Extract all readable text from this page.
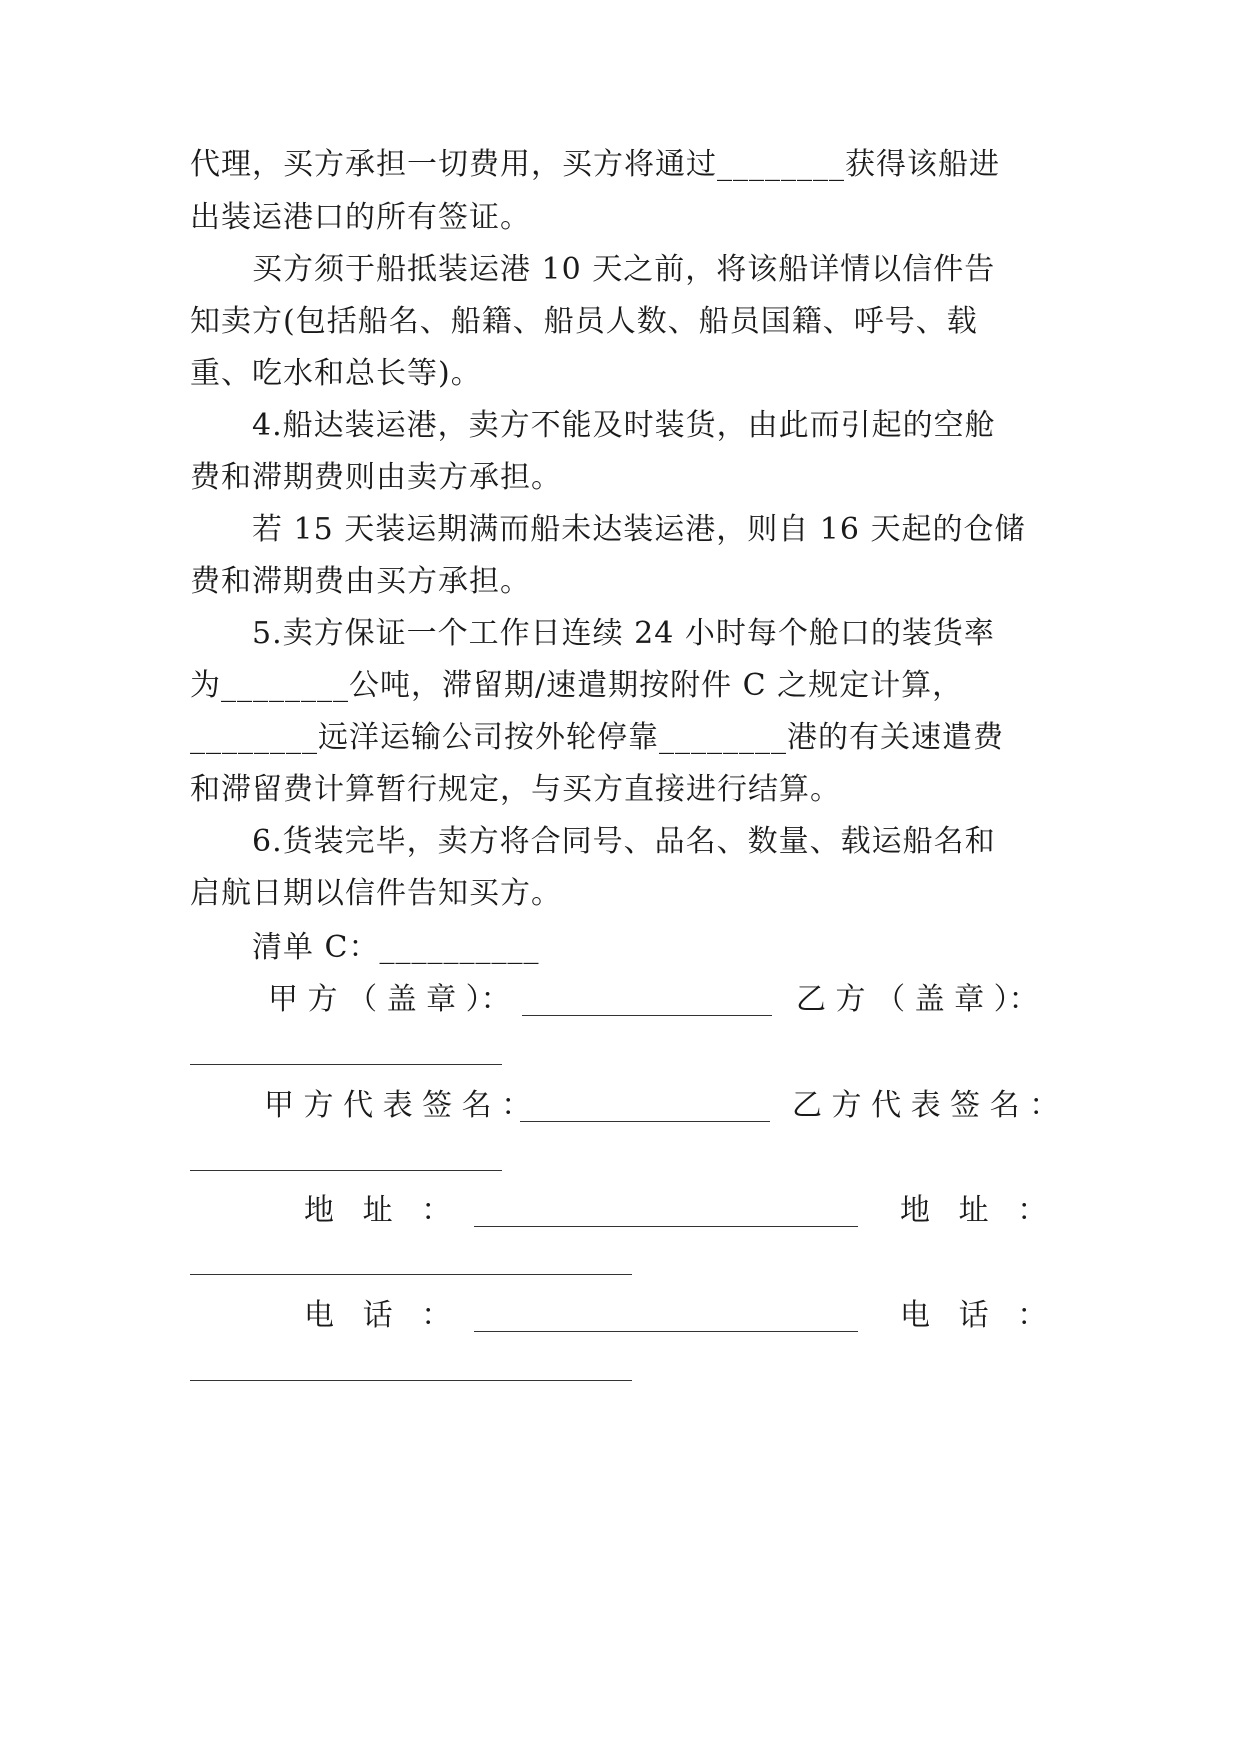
代理，买方承担一切费用，买方将通过________获得该船进
出装运港口的所有签证。
买方须于船抵装运港 10 天之前，将该船详情以信件告
知卖方(包括船名、船籍、船员人数、船员国籍、呼号、载
重、吃水和总长等)。
4.船达装运港，卖方不能及时装货，由此而引起的空舱
费和滞期费则由卖方承担。
若 15 天装运期满而船未达装运港，则自 16 天起的仓储
费和滞期费由买方承担。
5.卖方保证一个工作日连续 24 小时每个舱口的装货率
为________公吨，滞留期/速遣期按附件 C 之规定计算，
________远洋运输公司按外轮停靠________港的有关速遣费
和滞留费计算暂行规定，与买方直接进行结算。
6.货装完毕，卖方将合同号、品名、数量、载运船名和
启航日期以信件告知买方。
清单 C：__________
甲 方 （ 盖 章 ）：	乙 方 （ 盖 章 ）：
甲 方 代 表 签 名 ：	乙 方 代 表 签 名 ：
地   址   ：	地   址   ：
电   话   ：	电   话   ：
